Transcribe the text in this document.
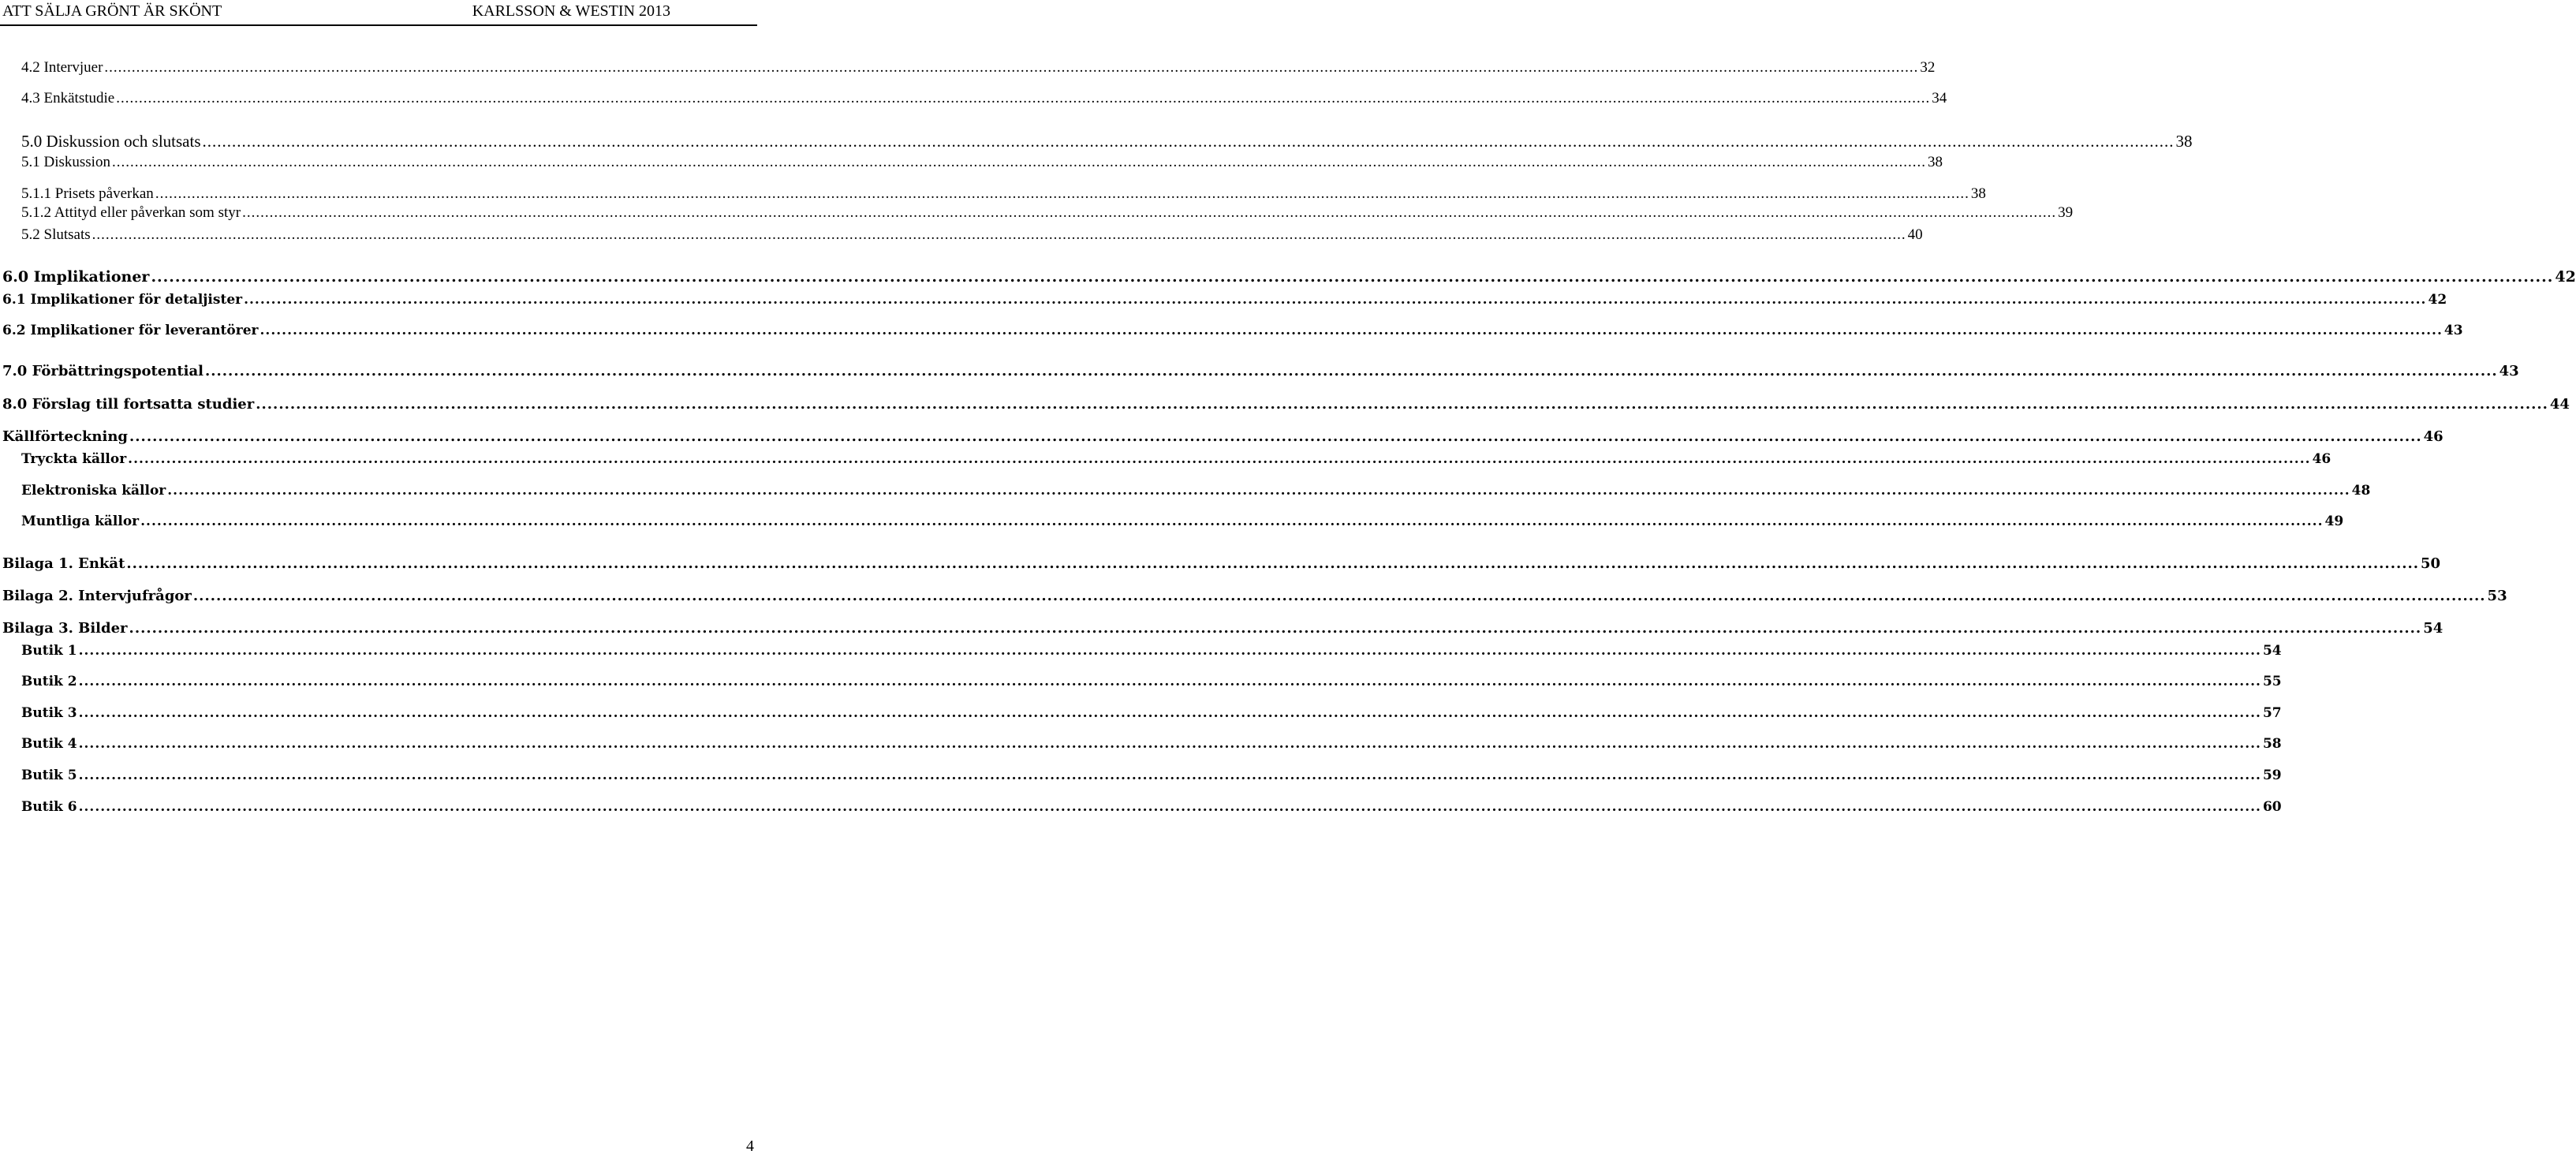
ATT SÄLJA GRÖNT ÄR SKÖNT	KARLSSON & WESTIN 2013
4.2 Intervjuer ................................................................................................................................................................................................................................................................................................................................................................................................................ 32
4.3 Enkätstudie ................................................................................................................................................................................................................................................................................................................................................................................................................ 34
5.0 Diskussion och slutsats ................................................................................................................................................................................................................................................................................................................................................................................................................ 38
5.1 Diskussion ................................................................................................................................................................................................................................................................................................................................................................................................................ 38
5.1.1 Prisets påverkan ................................................................................................................................................................................................................................................................................................................................................................................................................ 38
5.1.2 Attityd eller påverkan som styr ................................................................................................................................................................................................................................................................................................................................................................................................................ 39
5.2 Slutsats ................................................................................................................................................................................................................................................................................................................................................................................................................ 40
6.0 Implikationer ................................................................................................................................................................................................................................................................................................................................................................................................................ 42
6.1 Implikationer för detaljister ................................................................................................................................................................................................................................................................................................................................................................................................................ 42
6.2 Implikationer för leverantörer ................................................................................................................................................................................................................................................................................................................................................................................................................ 43
7.0 Förbättringspotential ................................................................................................................................................................................................................................................................................................................................................................................................................ 43
8.0 Förslag till fortsatta studier ................................................................................................................................................................................................................................................................................................................................................................................................................ 44
Källförteckning ................................................................................................................................................................................................................................................................................................................................................................................................................ 46
Tryckta källor ................................................................................................................................................................................................................................................................................................................................................................................................................ 46
Elektroniska källor ................................................................................................................................................................................................................................................................................................................................................................................................................ 48
Muntliga källor ................................................................................................................................................................................................................................................................................................................................................................................................................ 49
Bilaga 1. Enkät ................................................................................................................................................................................................................................................................................................................................................................................................................ 50
Bilaga 2. Intervjufrågor ................................................................................................................................................................................................................................................................................................................................................................................................................ 53
Bilaga 3. Bilder ................................................................................................................................................................................................................................................................................................................................................................................................................ 54
Butik 1 ................................................................................................................................................................................................................................................................................................................................................................................................................ 54
Butik 2 ................................................................................................................................................................................................................................................................................................................................................................................................................ 55
Butik 3 ................................................................................................................................................................................................................................................................................................................................................................................................................ 57
Butik 4 ................................................................................................................................................................................................................................................................................................................................................................................................................ 58
Butik 5 ................................................................................................................................................................................................................................................................................................................................................................................................................ 59
Butik 6 ................................................................................................................................................................................................................................................................................................................................................................................................................ 60
4
